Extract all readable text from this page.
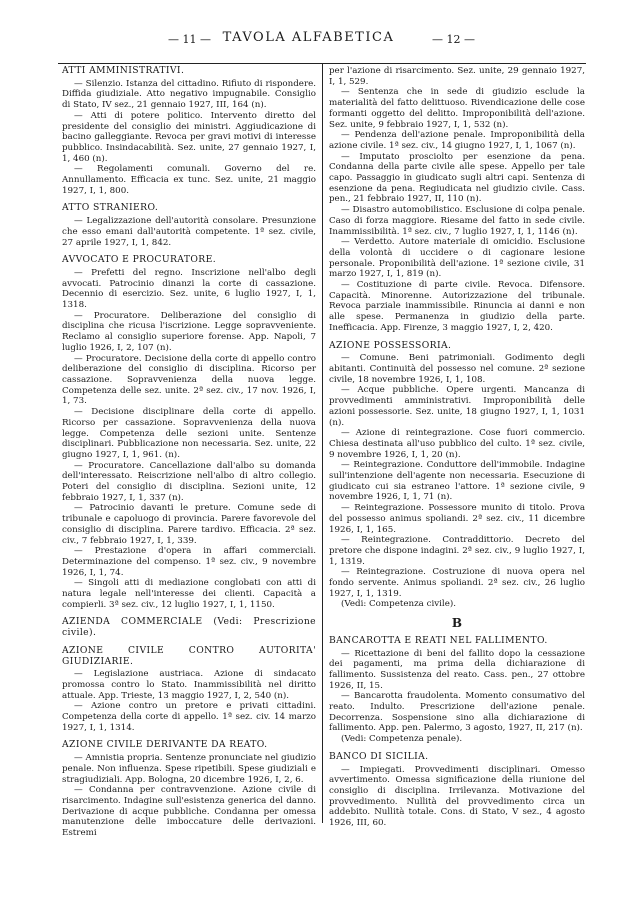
— 11 — TAVOLA ALFABETICA	— 12 —
ATTI AMMINISTRATIVI.
— Silenzio. Istanza del cittadino. Rifiuto di rispondere. Diffida giudiziale. Atto negativo impugnabile. Consiglio di Stato, IV sez., 21 gennaio 1927, III, 164 (n).
— Atti di potere politico. Intervento diretto del presidente del consiglio dei ministri. Aggiudicazione di bacino galleggiante. Revoca per gravi motivi di interesse pubblico. Insindacabilità. Sez. unite, 27 gennaio 1927, I, 1, 460 (n).
— Regolamenti comunali. Governo del re. Annullamento. Efficacia ex tunc. Sez. unite, 21 maggio 1927, I, 1, 800.
ATTO STRANIERO.
— Legalizzazione dell'autorità consolare. Presunzione che esso emani dall'autorità competente. 1ª sez. civile, 27 aprile 1927, I, 1, 842.
AVVOCATO E PROCURATORE.
— Prefetti del regno. Inscrizione nell'albo degli avvocati. Patrocinio dinanzi la corte di cassazione. Decennio di esercizio. Sez. unite, 6 luglio 1927, I, 1, 1318.
— Procuratore. Deliberazione del consiglio di disciplina che ricusa l'iscrizione. Legge sopravveniente. Reclamo al consiglio superiore forense. App. Napoli, 7 luglio 1926, I, 2, 107 (n).
— Procuratore. Decisione della corte di appello contro deliberazione del consiglio di disciplina. Ricorso per cassazione. Sopravvenienza della nuova legge. Competenza delle sez. unite. 2ª sez. civ., 17 nov. 1926, I, 1, 73.
— Decisione disciplinare della corte di appello. Ricorso per cassazione. Sopravvenienza della nuova legge. Competenza delle sezioni unite. Sentenze disciplinari. Pubblicazione non necessaria. Sez. unite, 22 giugno 1927, I, 1, 961. (n).
— Procuratore. Cancellazione dall'albo su domanda dell'interessato. Reiscrizione nell'albo di altro collegio. Poteri del consiglio di disciplina. Sezioni unite, 12 febbraio 1927, I, 1, 337 (n).
— Patrocinio davanti le preture. Comune sede di tribunale e capoluogo di provincia. Parere favorevole del consiglio di disciplina. Parere tardivo. Efficacia. 2ª sez. civ., 7 febbraio 1927, I, 1, 339.
— Prestazione d'opera in affari commerciali. Determinazione del compenso. 1ª sez. civ., 9 novembre 1926, I, 1, 74.
— Singoli atti di mediazione conglobati con atti di natura legale nell'interesse dei clienti. Capacità a compierli. 3ª sez. civ., 12 luglio 1927, I, 1, 1150.
AZIENDA COMMERCIALE (Vedi: Prescrizione civile).
AZIONE CIVILE CONTRO AUTORITA' GIUDIZIARIE.
— Legislazione austriaca. Azione di sindacato promossa contro lo Stato. Inammissibilità nel diritto attuale. App. Trieste, 13 maggio 1927, I, 2, 540 (n).
— Azione contro un pretore e privati cittadini. Competenza della corte di appello. 1ª sez. civ. 14 marzo 1927, I, 1, 1314.
AZIONE CIVILE DERIVANTE DA REATO.
— Amnistia propria. Sentenze pronunciate nel giudizio penale. Non influenza. Spese ripetibili. Spese giudiziali e stragiudiziali. App. Bologna, 20 dicembre 1926, I, 2, 6.
— Condanna per contravvenzione. Azione civile di risarcimento. Indagine sull'esistenza generica del danno. Derivazione di acque pubbliche. Condanna per omessa manutenzione delle imboccature delle derivazioni. Estremi
per l'azione di risarcimento. Sez. unite, 29 gennaio 1927, I, 1, 529.
— Sentenza che in sede di giudizio esclude la materialità del fatto delittuoso. Rivendicazione delle cose formanti oggetto del delitto. Improponibilità dell'azione. Sez. unite, 9 febbraio 1927, I, 1, 532 (n).
— Pendenza dell'azione penale. Improponibilità della azione civile. 1ª sez. civ., 14 giugno 1927, I, 1, 1067 (n).
— Imputato prosciolto per esenzione da pena. Condanna della parte civile alle spese. Appello per tale capo. Passaggio in giudicato sugli altri capi. Sentenza di esenzione da pena. Regiudicata nel giudizio civile. Cass. pen., 21 febbraio 1927, II, 110 (n).
— Disastro automobilistico. Esclusione di colpa penale. Caso di forza maggiore. Riesame del fatto in sede civile. Inammissibilità. 1ª sez. civ., 7 luglio 1927, I, 1, 1146 (n).
— Verdetto. Autore materiale di omicidio. Esclusione della volontà di uccidere o di cagionare lesione personale. Proponibilità dell'azione. 1ª sezione civile, 31 marzo 1927, I, 1, 819 (n).
— Costituzione di parte civile. Revoca. Difensore. Capacità. Minorenne. Autorizzazione del tribunale. Revoca parziale inammissibile. Rinuncia ai danni e non alle spese. Permanenza in giudizio della parte. Inefficacia. App. Firenze, 3 maggio 1927, I, 2, 420.
AZIONE POSSESSORIA.
— Comune. Beni patrimoniali. Godimento degli abitanti. Continuità del possesso nel comune. 2ª sezione civile, 18 novembre 1926, I, 1, 108.
— Acque pubbliche. Opere urgenti. Mancanza di provvedimenti amministrativi. Improponibilità delle azioni possessorie. Sez. unite, 18 giugno 1927, I, 1, 1031 (n).
— Azione di reintegrazione. Cose fuori commercio. Chiesa destinata all'uso pubblico del culto. 1ª sez. civile, 9 novembre 1926, I, 1, 20 (n).
— Reintegrazione. Conduttore dell'immobile. Indagine sull'intenzione dell'agente non necessaria. Esecuzione di giudicato cui sia estraneo l'attore. 1ª sezione civile, 9 novembre 1926, I, 1, 71 (n).
— Reintegrazione. Possessore munito di titolo. Prova del possesso animus spoliandi. 2ª sez. civ., 11 dicembre 1926, I, 1, 165.
— Reintegrazione. Contraddittorio. Decreto del pretore che dispone indagini. 2ª sez. civ., 9 luglio 1927, I, 1, 1319.
— Reintegrazione. Costruzione di nuova opera nel fondo servente. Animus spoliandi. 2ª sez. civ., 26 luglio 1927, I, 1, 1319.
(Vedi: Competenza civile).
B
BANCAROTTA E REATI NEL FALLIMENTO.
— Ricettazione di beni del fallito dopo la cessazione dei pagamenti, ma prima della dichiarazione di fallimento. Sussistenza del reato. Cass. pen., 27 ottobre 1926, II, 15.
— Bancarotta fraudolenta. Momento consumativo del reato. Indulto. Prescrizione dell'azione penale. Decorrenza. Sospensione sino alla dichiarazione di fallimento. App. pen. Palermo, 3 agosto, 1927, II, 217 (n).
(Vedi: Competenza penale).
BANCO DI SICILIA.
— Impiegati. Provvedimenti disciplinari. Omesso avvertimento. Omessa significazione della riunione del consiglio di disciplina. Irrilevanza. Motivazione del provvedimento. Nullità del provvedimento circa un addebito. Nullità totale. Cons. di Stato, V sez., 4 agosto 1926, III, 60.
